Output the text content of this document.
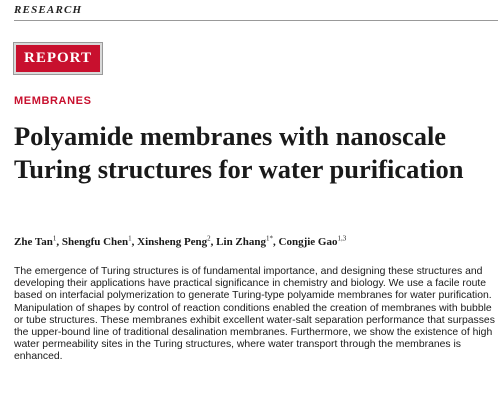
RESEARCH
REPORT
MEMBRANES
Polyamide membranes with nanoscale Turing structures for water purification
Zhe Tan$^1$, Shengfu Chen$^1$, Xinsheng Peng$^2$, Lin Zhang$^{1*}$, Congjie Gao$^{1,3}$

The emergence of Turing structures is of fundamental importance, and designing these structures and developing their applications have practical significance in chemistry and biology. We use a facile route based on interfacial polymerization to generate Turing-type polyamide membranes for water purification. Manipulation of shapes by control of reaction conditions enabled the creation of membranes with bubble or tube structures. These membranes exhibit excellent water-salt separation performance that surpasses the upper-bound line of traditional desalination membranes. Furthermore, we show the existence of high water permeability sites in the Turing structures, where water transport through the membranes is enhanced.
